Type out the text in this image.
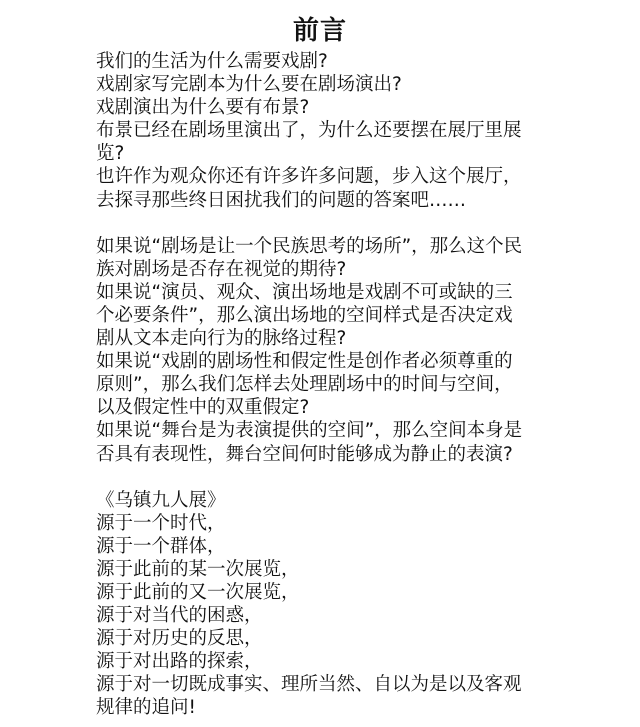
前言
我们的生活为什么需要戏剧?
戏剧家写完剧本为什么要在剧场演出?
戏剧演出为什么要有布景?
布景已经在剧场里演出了，为什么还要摆在展厅里展
览?
也许作为观众你还有许多许多问题，步入这个展厅，
去探寻那些终日困扰我们的问题的答案吧……
如果说“剧场是让一个民族思考的场所”，那么这个民
族对剧场是否存在视觉的期待?
如果说“演员、观众、演出场地是戏剧不可或缺的三
个必要条件”，那么演出场地的空间样式是否决定戏
剧从文本走向行为的脉络过程?
如果说“戏剧的剧场性和假定性是创作者必须尊重的
原则”，那么我们怎样去处理剧场中的时间与空间，
以及假定性中的双重假定?
如果说“舞台是为表演提供的空间”，那么空间本身是
否具有表现性，舞台空间何时能够成为静止的表演?
《乌镇九人展》
源于一个时代，
源于一个群体，
源于此前的某一次展览，
源于此前的又一次展览，
源于对当代的困惑，
源于对历史的反思，
源于对出路的探索，
源于对一切既成事实、理所当然、自以为是以及客观
规律的追问!
